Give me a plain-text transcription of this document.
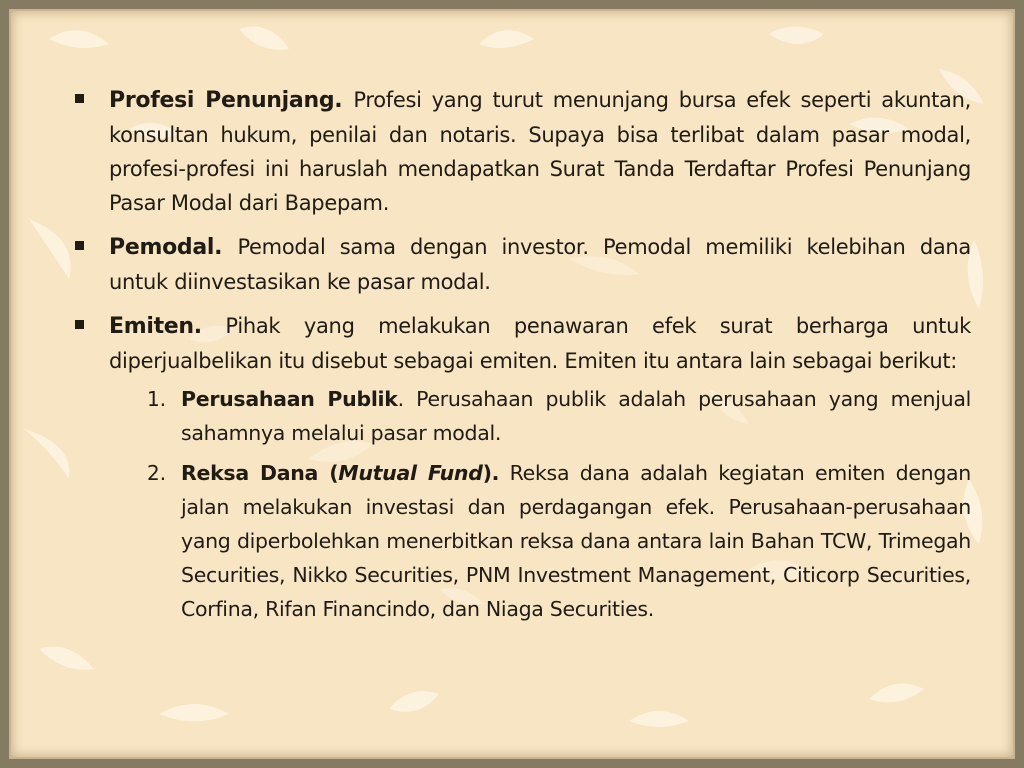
Profesi Penunjang. Profesi yang turut menunjang bursa efek seperti akuntan, konsultan hukum, penilai dan notaris. Supaya bisa terlibat dalam pasar modal, profesi-profesi ini haruslah mendapatkan Surat Tanda Terdaftar Profesi Penunjang Pasar Modal dari Bapepam.

Pemodal. Pemodal sama dengan investor. Pemodal memiliki kelebihan dana untuk diinvestasikan ke pasar modal.

Emiten. Pihak yang melakukan penawaran efek surat berharga untuk diperjualbelikan itu disebut sebagai emiten. Emiten itu antara lain sebagai berikut:

1. Perusahaan Publik. Perusahaan publik adalah perusahaan yang menjual sahamnya melalui pasar modal.

2. Reksa Dana (Mutual Fund). Reksa dana adalah kegiatan emiten dengan jalan melakukan investasi dan perdagangan efek. Perusahaan-perusahaan yang diperbolehkan menerbitkan reksa dana antara lain Bahan TCW, Trimegah Securities, Nikko Securities, PNM Investment Management, Citicorp Securities, Corfina, Rifan Financindo, dan Niaga Securities.
